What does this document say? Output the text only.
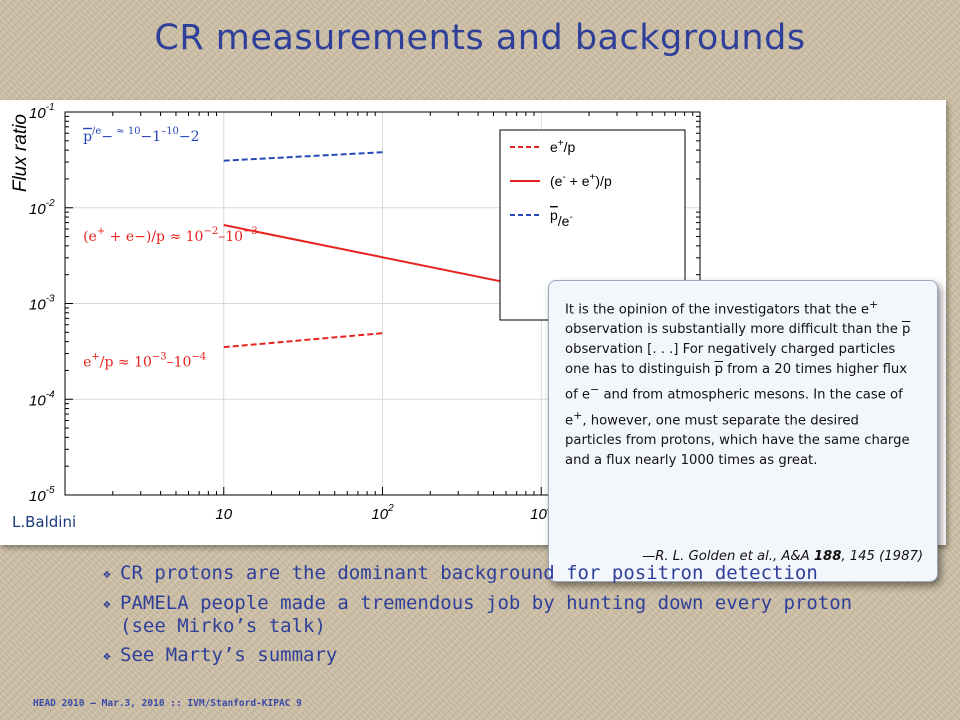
CR measurements and backgrounds
10	$10^2$	10
$10^{-1}$
$10^{-2}$
$10^{-3}$
$10^{-4}$
$10^{-5}$
Flux ratio	$p^{/e}- ^{\approx 10}-1^{-10}-2$
$(e^+ + e-)/p \approx 10^{-2}-10^{-3}$
$e^+/p \approx 10^{-3}-10^{-4}$
e+/p
(e- + e+)/p
p/e-
L.Baldini
It is the opinion of the investigators that the e+
observation is substantially more difficult than the $\overline{p}$
observation [. . .] For negatively charged particles
one has to distinguish $\overline{p}$ from a 20 times higher flux
of e− and from atmospheric mesons. In the case of
e+, however, one must separate the desired
particles from protons, which have the same charge
and a flux nearly 1000 times as great.
—R. L. Golden et al., A&A 188, 145 (1987)
❖ CR protons are the dominant background for positron detection
❖ PAMELA people made a tremendous job by hunting down every proton (see Mirko’s talk)
❖ See Marty’s summary
HEAD 2010 – Mar.3, 2010 :: IVM/Stanford-KIPAC 9
